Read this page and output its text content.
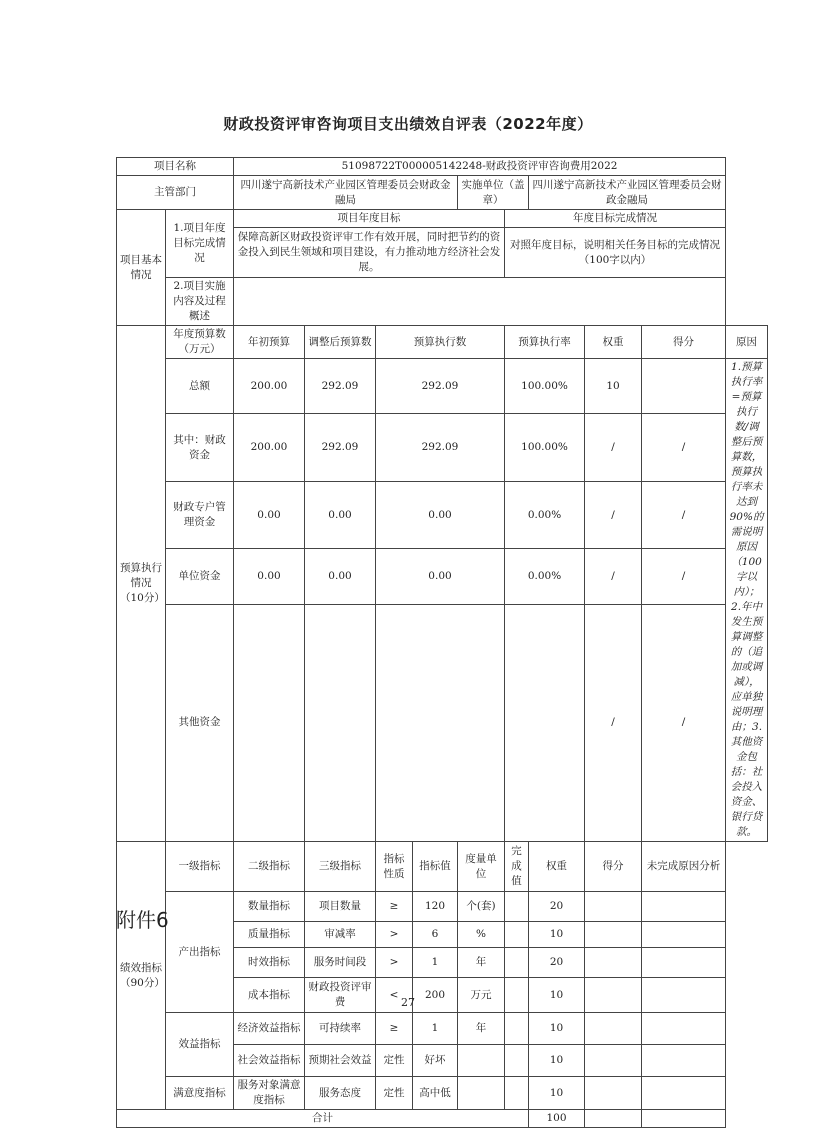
财政投资评审咨询项目支出绩效自评表（2022年度）
项目名称		51098722T000005142248-财政投资评审咨询费用2022									
主管部门		四川遂宁高新技术产业园区管理委员会财政金融局				实施单位（盖章）		四川遂宁高新技术产业园区管理委员会财政金融局			
项目基本情况	1.项目年度目标完成情况	项目年度目标					年度目标完成情况				
		保障高新区财政投资评审工作有效开展，同时把节约的资金投入到民生领域和项目建设，有力推动地方经济社会发展。					对照年度目标，说明相关任务目标的完成情况（100字以内）				
	2.项目实施内容及过程概述										
预算执行情况（10分）	年度预算数（万元）	年初预算	调整后预算数	预算执行数			预算执行率		权重	得分	原因
	总额	200.00	292.09	292.09			100.00%		10		1.预算执行率=预算执行数/调整后预算数，预算执行率未达到90%的需说明原因（100字以内）；2.年中发生预算调整的（追加或调减），应单独说明理由；3.其他资金包括：社会投入资金、银行贷款。
	其中：财政资金	200.00	292.09	292.09			100.00%		/	/	
	财政专户管理资金	0.00	0.00	0.00			0.00%		/	/	
	单位资金	0.00	0.00	0.00			0.00%		/	/	
	其他资金								/	/	
绩效指标（90分）	一级指标	二级指标	三级指标	指标性质	指标值	度量单位	完成值	权重	得分	未完成原因分析	
	产出指标	数量指标	项目数量	≥	120	个(套)		20			
		质量指标	审减率	>	6	%		10			
		时效指标	服务时间段	>	1	年		20			
		成本指标	财政投资评审费	<	200	万元		10			
	效益指标	经济效益指标	可持续率	≥	1	年		10			
		社会效益指标	预期社会效益	定性	好坏			10			
	满意度指标	服务对象满意度指标	服务态度	定性	高中低			10			
合计								100			
附件6
27
